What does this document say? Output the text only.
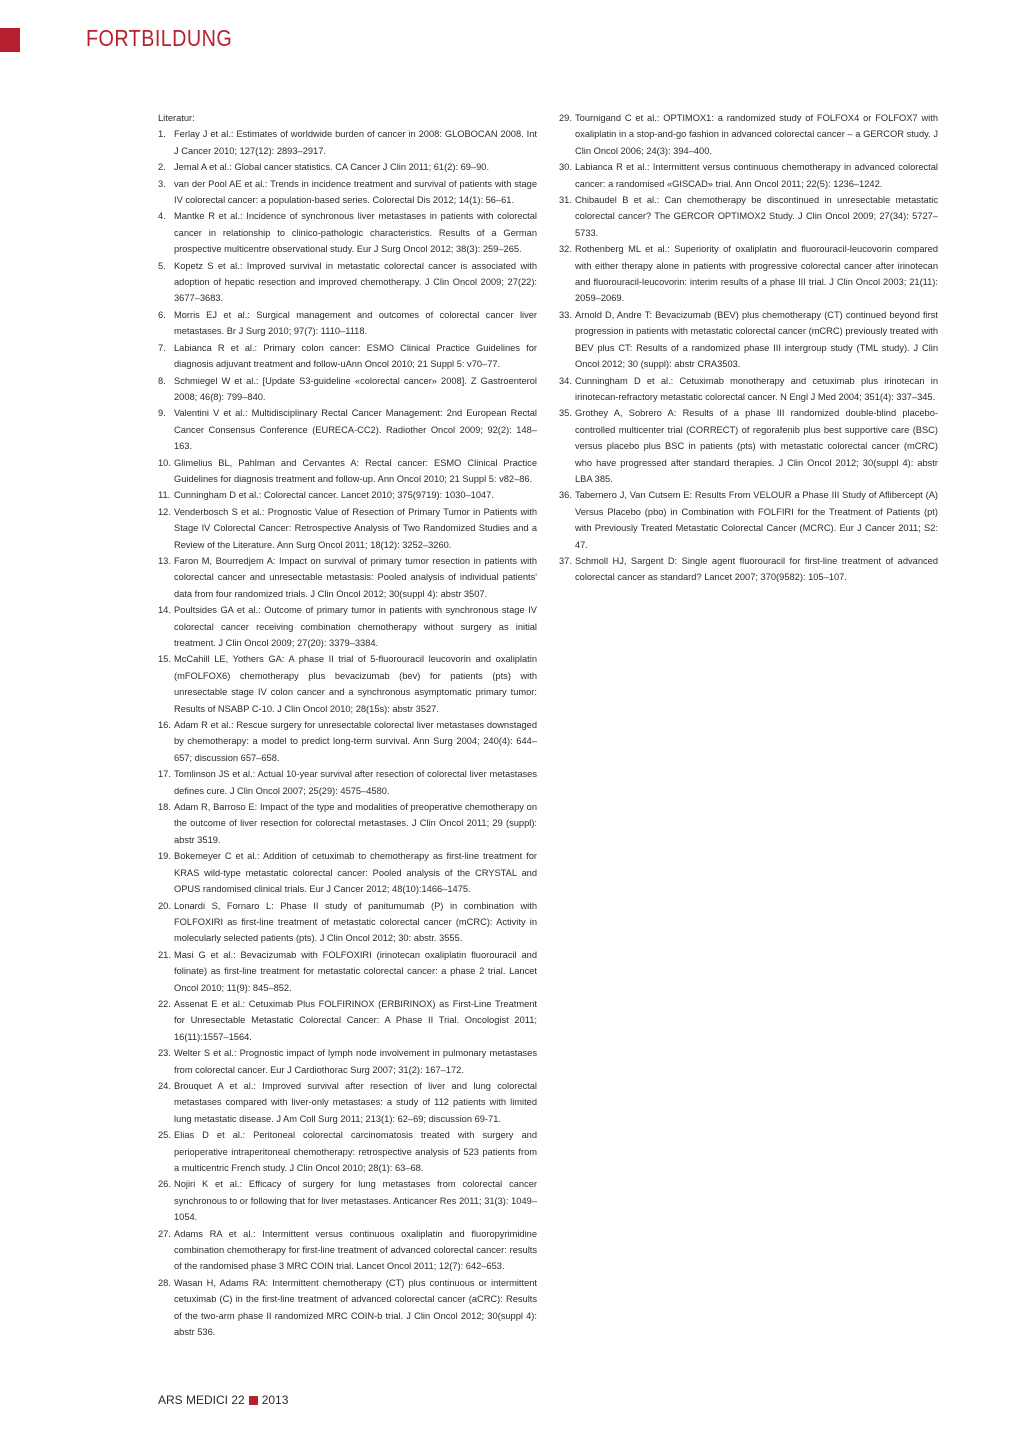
FORTBILDUNG

Literatur:

1. Ferlay J et al.: Estimates of worldwide burden of cancer in 2008: GLOBOCAN 2008. Int J Cancer 2010; 127(12): 2893–2917.
2. Jemal A et al.: Global cancer statistics. CA Cancer J Clin 2011; 61(2): 69–90.
3. van der Pool AE et al.: Trends in incidence treatment and survival of patients with stage IV colorectal cancer: a population-based series. Colorectal Dis 2012; 14(1): 56–61.
4. Mantke R et al.: Incidence of synchronous liver metastases in patients with colorectal cancer in relationship to clinico-pathologic characteristics. Results of a German prospective multicentre observational study. Eur J Surg Oncol 2012; 38(3): 259–265.
5. Kopetz S et al.: Improved survival in metastatic colorectal cancer is associated with adoption of hepatic resection and improved chemotherapy. J Clin Oncol 2009; 27(22): 3677–3683.
6. Morris EJ et al.: Surgical management and outcomes of colorectal cancer liver metastases. Br J Surg 2010; 97(7): 1110–1118.
7. Labianca R et al.: Primary colon cancer: ESMO Clinical Practice Guidelines for diagnosis adjuvant treatment and follow-uAnn Oncol 2010; 21 Suppl 5: v70–77.
8. Schmiegel W et al.: [Update S3-guideline «colorectal cancer» 2008]. Z Gastroenterol 2008; 46(8): 799–840.
9. Valentini V et al.: Multidisciplinary Rectal Cancer Management: 2nd European Rectal Cancer Consensus Conference (EURECA-CC2). Radiother Oncol 2009; 92(2): 148–163.
10. Glimelius BL, Pahlman and Cervantes A: Rectal cancer: ESMO Clinical Practice Guidelines for diagnosis treatment and follow-up. Ann Oncol 2010; 21 Suppl 5: v82–86.
11. Cunningham D et al.: Colorectal cancer. Lancet 2010; 375(9719): 1030–1047.
12. Venderbosch S et al.: Prognostic Value of Resection of Primary Tumor in Patients with Stage IV Colorectal Cancer: Retrospective Analysis of Two Randomized Studies and a Review of the Literature. Ann Surg Oncol 2011; 18(12): 3252–3260.
13. Faron M, Bourredjem A: Impact on survival of primary tumor resection in patients with colorectal cancer and unresectable metastasis: Pooled analysis of individual patients' data from four randomized trials. J Clin Oncol 2012; 30(suppl 4): abstr 3507.
14. Poultsides GA et al.: Outcome of primary tumor in patients with synchronous stage IV colorectal cancer receiving combination chemotherapy without surgery as initial treatment. J Clin Oncol 2009; 27(20): 3379–3384.
15. McCahill LE, Yothers GA: A phase II trial of 5-fluorouracil leucovorin and oxaliplatin (mFOLFOX6) chemotherapy plus bevacizumab (bev) for patients (pts) with unresectable stage IV colon cancer and a synchronous asymptomatic primary tumor: Results of NSABP C-10. J Clin Oncol 2010; 28(15s): abstr 3527.
16. Adam R et al.: Rescue surgery for unresectable colorectal liver metastases downstaged by chemotherapy: a model to predict long-term survival. Ann Surg 2004; 240(4): 644–657; discussion 657–658.
17. Tomlinson JS et al.: Actual 10-year survival after resection of colorectal liver metastases defines cure. J Clin Oncol 2007; 25(29): 4575–4580.
18. Adam R, Barroso E: Impact of the type and modalities of preoperative chemotherapy on the outcome of liver resection for colorectal metastases. J Clin Oncol 2011; 29 (suppl): abstr 3519.
19. Bokemeyer C et al.: Addition of cetuximab to chemotherapy as first-line treatment for KRAS wild-type metastatic colorectal cancer: Pooled analysis of the CRYSTAL and OPUS randomised clinical trials. Eur J Cancer 2012; 48(10):1466–1475.
20. Lonardi S, Fornaro L: Phase II study of panitumumab (P) in combination with FOLFOXIRI as first-line treatment of metastatic colorectal cancer (mCRC): Activity in molecularly selected patients (pts). J Clin Oncol 2012; 30: abstr. 3555.
21. Masi G et al.: Bevacizumab with FOLFOXIRI (irinotecan oxaliplatin fluorouracil and folinate) as first-line treatment for metastatic colorectal cancer: a phase 2 trial. Lancet Oncol 2010; 11(9): 845–852.
22. Assenat E et al.: Cetuximab Plus FOLFIRINOX (ERBIRINOX) as First-Line Treatment for Unresectable Metastatic Colorectal Cancer: A Phase II Trial. Oncologist 2011; 16(11):1557–1564.
23. Welter S et al.: Prognostic impact of lymph node involvement in pulmonary metastases from colorectal cancer. Eur J Cardiothorac Surg 2007; 31(2): 167–172.
24. Brouquet A et al.: Improved survival after resection of liver and lung colorectal metastases compared with liver-only metastases: a study of 112 patients with limited lung metastatic disease. J Am Coll Surg 2011; 213(1): 62–69; discussion 69-71.
25. Elias D et al.: Peritoneal colorectal carcinomatosis treated with surgery and perioperative intraperitoneal chemotherapy: retrospective analysis of 523 patients from a multicentric French study. J Clin Oncol 2010; 28(1): 63–68.
26. Nojiri K et al.: Efficacy of surgery for lung metastases from colorectal cancer synchronous to or following that for liver metastases. Anticancer Res 2011; 31(3): 1049–1054.
27. Adams RA et al.: Intermittent versus continuous oxaliplatin and fluoropyrimidine combination chemotherapy for first-line treatment of advanced colorectal cancer: results of the randomised phase 3 MRC COIN trial. Lancet Oncol 2011; 12(7): 642–653.
28. Wasan H, Adams RA: Intermittent chemotherapy (CT) plus continuous or intermittent cetuximab (C) in the first-line treatment of advanced colorectal cancer (aCRC): Results of the two-arm phase II randomized MRC COIN-b trial. J Clin Oncol 2012; 30(suppl 4): abstr 536.
29. Tournigand C et al.: OPTIMOX1: a randomized study of FOLFOX4 or FOLFOX7 with oxaliplatin in a stop-and-go fashion in advanced colorectal cancer – a GERCOR study. J Clin Oncol 2006; 24(3): 394–400.
30. Labianca R et al.: Intermittent versus continuous chemotherapy in advanced colorectal cancer: a randomised «GISCAD» trial. Ann Oncol 2011; 22(5): 1236–1242.
31. Chibaudel B et al.: Can chemotherapy be discontinued in unresectable metastatic colorectal cancer? The GERCOR OPTIMOX2 Study. J Clin Oncol 2009; 27(34): 5727–5733.
32. Rothenberg ML et al.: Superiority of oxaliplatin and fluorouracil-leucovorin compared with either therapy alone in patients with progressive colorectal cancer after irinotecan and fluorouracil-leucovorin: interim results of a phase III trial. J Clin Oncol 2003; 21(11): 2059–2069.
33. Arnold D, Andre T: Bevacizumab (BEV) plus chemotherapy (CT) continued beyond first progression in patients with metastatic colorectal cancer (mCRC) previously treated with BEV plus CT: Results of a randomized phase III intergroup study (TML study). J Clin Oncol 2012; 30 (suppl): abstr CRA3503.
34. Cunningham D et al.: Cetuximab monotherapy and cetuximab plus irinotecan in irinotecan-refractory metastatic colorectal cancer. N Engl J Med 2004; 351(4): 337–345.
35. Grothey A, Sobrero A: Results of a phase III randomized double-blind placebo-controlled multicenter trial (CORRECT) of regorafenib plus best supportive care (BSC) versus placebo plus BSC in patients (pts) with metastatic colorectal cancer (mCRC) who have progressed after standard therapies. J Clin Oncol 2012; 30(suppl 4): abstr LBA 385.
36. Tabernero J, Van Cutsem E: Results From VELOUR a Phase III Study of Aflibercept (A) Versus Placebo (pbo) in Combination with FOLFIRI for the Treatment of Patients (pt) with Previously Treated Metastatic Colorectal Cancer (MCRC). Eur J Cancer 2011; S2: 47.
37. Schmoll HJ, Sargent D: Single agent fluorouracil for first-line treatment of advanced colorectal cancer as standard? Lancet 2007; 370(9582): 105–107.
ARS MEDICI 22 2013
